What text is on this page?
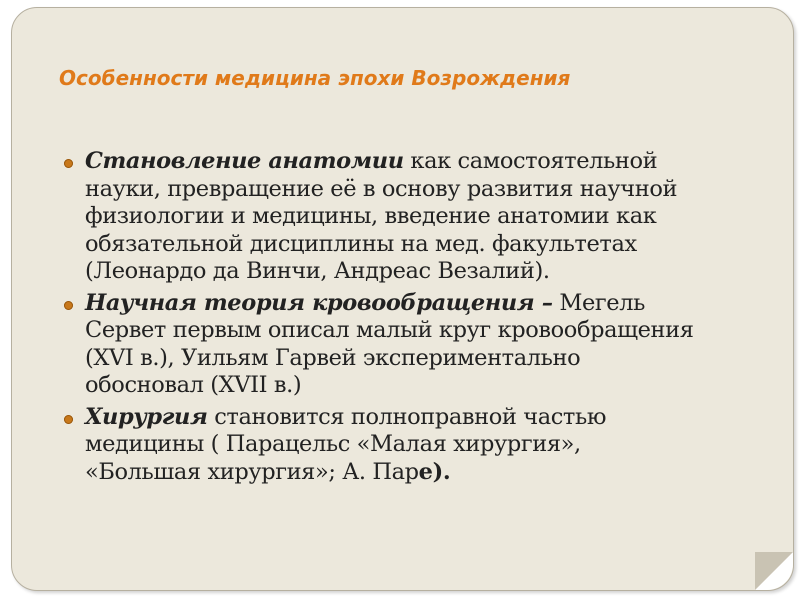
Особенности медицина эпохи Возрождения
Становление анатомии как самостоятельной науки, превращение её в основу развития научной физиологии и медицины, введение анатомии как обязательной дисциплины на мед. факультетах (Леонардо да Винчи, Андреас Везалий).
Научная теория кровообращения – Мегель Сервет первым описал малый круг кровообращения (XVI в.), Уильям Гарвей экспериментально обосновал (XVII в.)
Хирургия становится полноправной частью медицины ( Парацельс «Малая хирургия», «Большая хирургия»; А. Паре).
